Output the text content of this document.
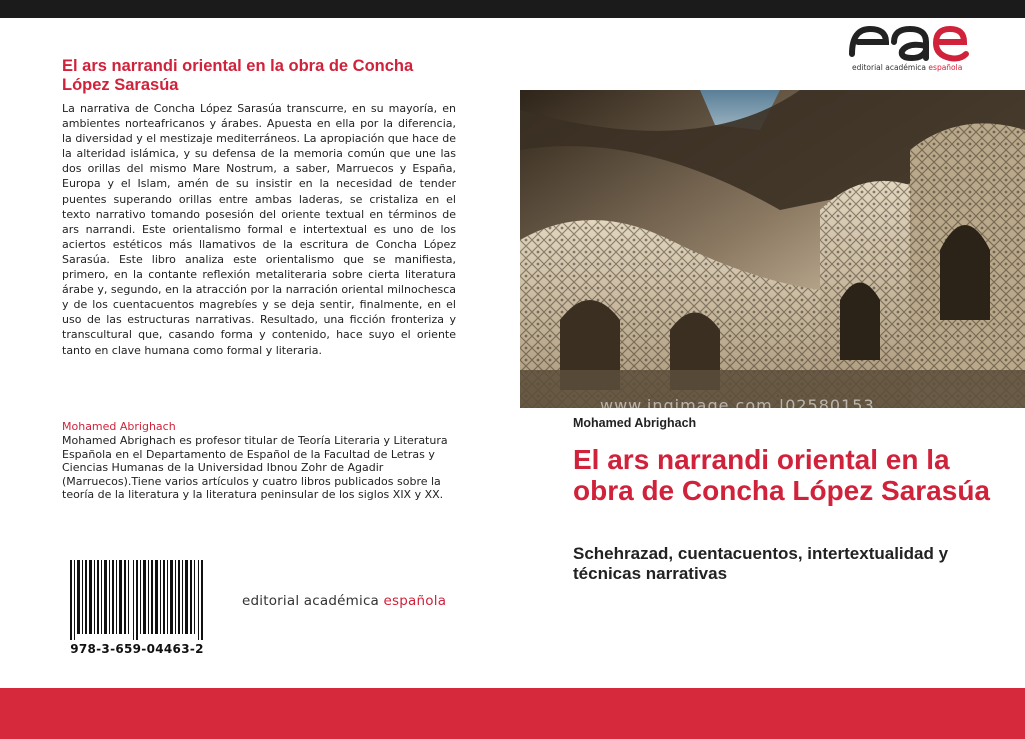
El ars narrandi oriental en la obra de Concha López Sarasúa

La narrativa de Concha López Sarasúa transcurre, en su mayoría, en ambientes norteafricanos y árabes. Apuesta en ella por la diferencia, la diversidad y el mestizaje mediterráneos. La apropiación que hace de la alteridad islámica, y su defensa de la memoria común que une las dos orillas del mismo Mare Nostrum, a saber, Marruecos y España, Europa y el Islam, amén de su insistir en la necesidad de tender puentes superando orillas entre ambas laderas, se cristaliza en el texto narrativo tomando posesión del oriente textual en términos de ars narrandi. Este orientalismo formal e intertextual es uno de los aciertos estéticos más llamativos de la escritura de Concha López Sarasúa. Este libro analiza este orientalismo que se manifiesta, primero, en la contante reflexión metaliteraria sobre cierta literatura árabe y, segundo, en la atracción por la narración oriental milnochesca y de los cuentacuentos magrebíes y se deja sentir, finalmente, en el uso de las estructuras narrativas. Resultado, una ficción fronteriza y transcultural que, casando forma y contenido, hace suyo el oriente tanto en clave humana como formal y literaria.

Mohamed Abrighach

Mohamed Abrighach es profesor titular de Teoría Literaria y Literatura Española en el Departamento de Español de la Facultad de Letras y Ciencias Humanas de la Universidad Ibnou Zohr de Agadir (Marruecos).Tiene varios artículos y cuatro libros publicados sobre la teoría de la literatura y la literatura peninsular de los siglos XIX y XX.

978-3-659-04463-2
editorial académica española
editorial académica española
www.ingimage.com |02580153
Mohamed Abrighach
El ars narrandi oriental en la obra de Concha López Sarasúa
Schehrazad, cuentacuentos, intertextualidad y técnicas narrativas
